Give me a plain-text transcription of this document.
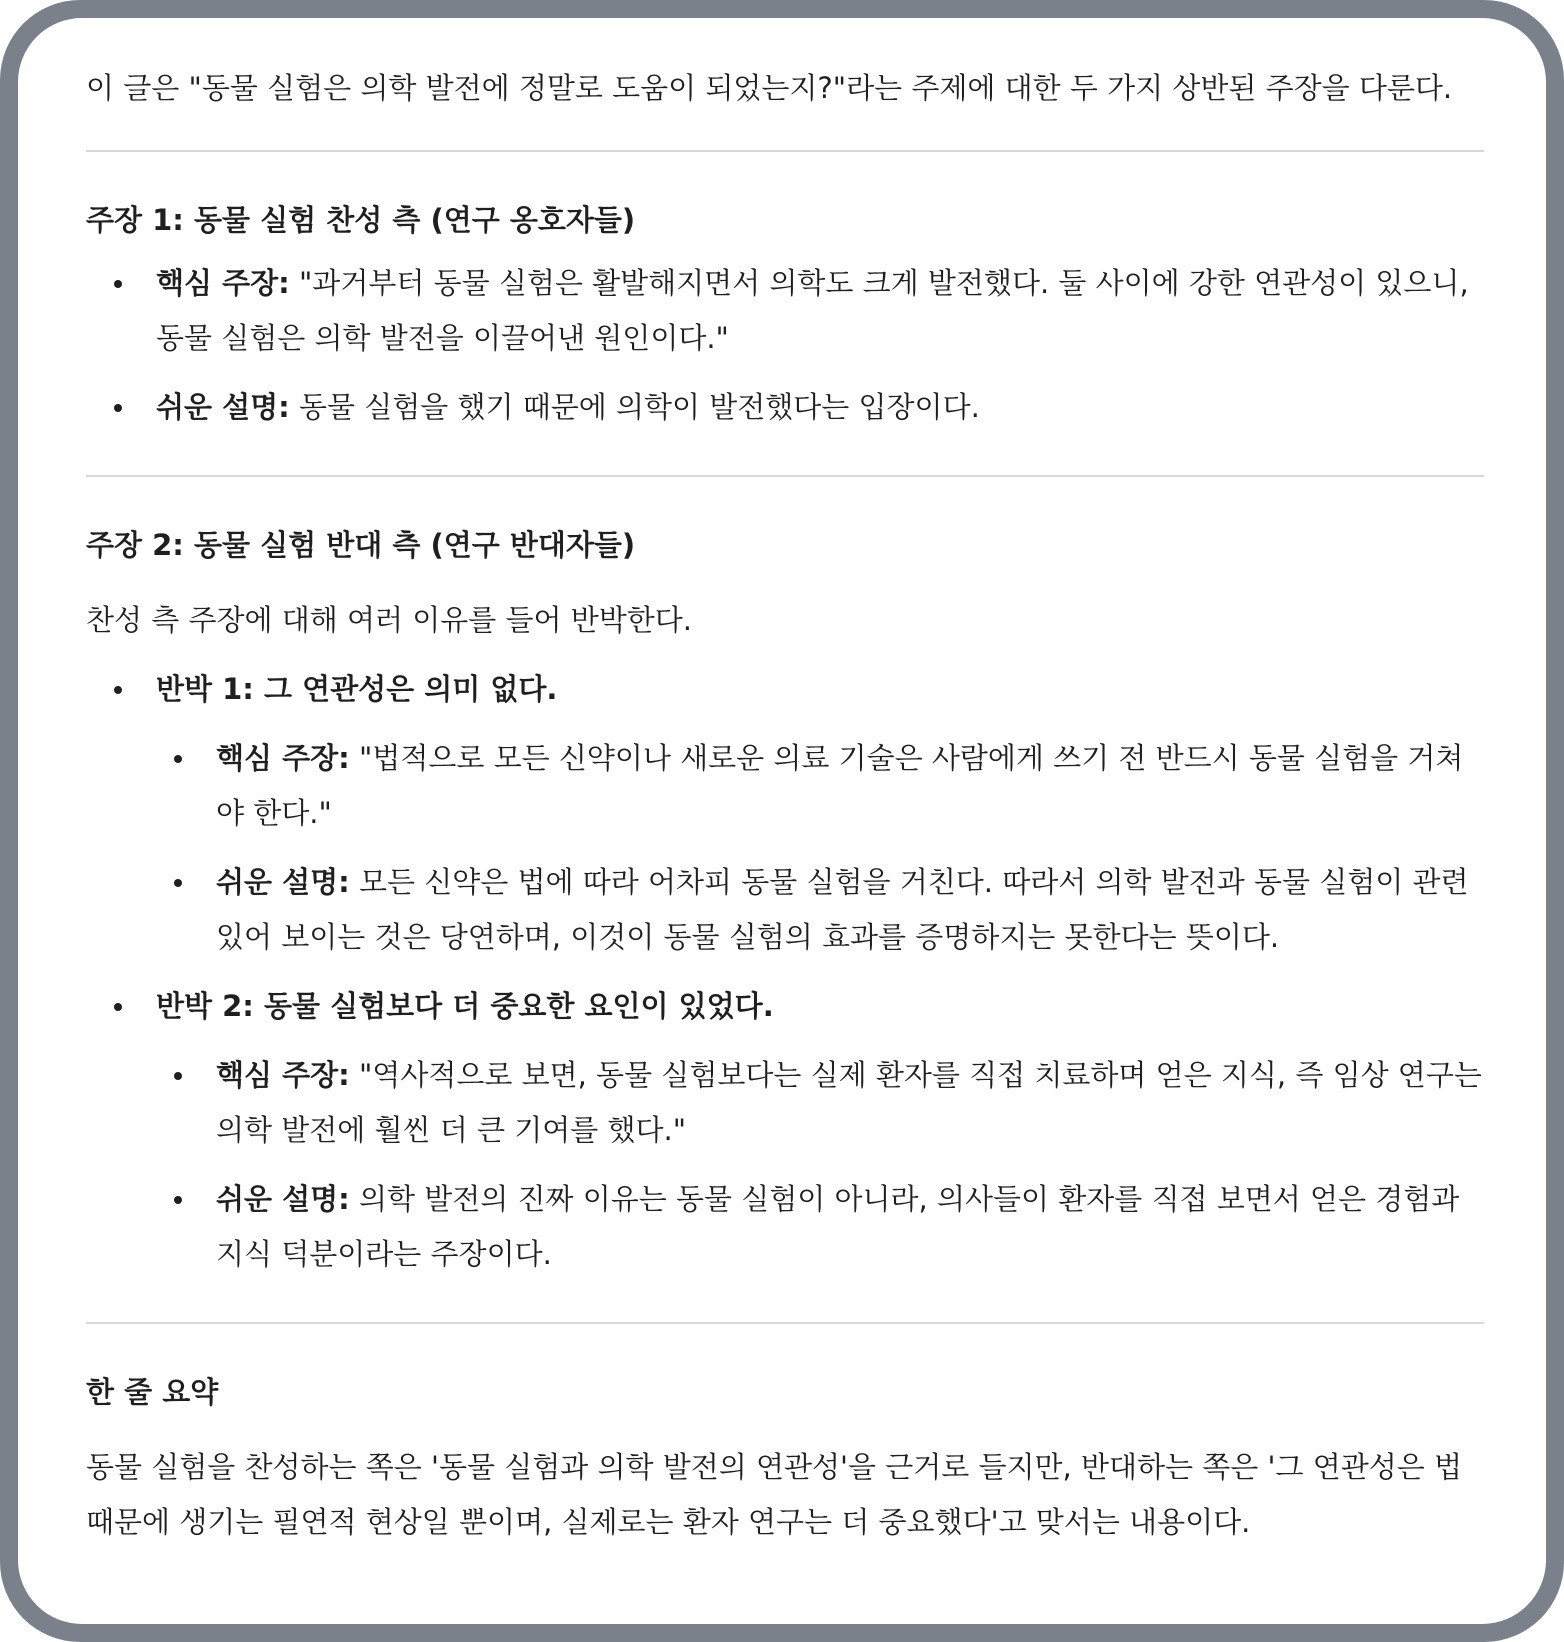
이 글은 "동물 실험은 의학 발전에 정말로 도움이 되었는지?"라는 주제에 대한 두 가지 상반된 주장을 다룬다.

주장 1: 동물 실험 찬성 측 (연구 옹호자들)
핵심 주장: "과거부터 동물 실험은 활발해지면서 의학도 크게 발전했다. 둘 사이에 강한 연관성이 있으니, 동물 실험은 의학 발전을 이끌어낸 원인이다."
쉬운 설명: 동물 실험을 했기 때문에 의학이 발전했다는 입장이다.
주장 2: 동물 실험 반대 측 (연구 반대자들)

찬성 측 주장에 대해 여러 이유를 들어 반박한다.

반박 1: 그 연관성은 의미 없다.
핵심 주장: "법적으로 모든 신약이나 새로운 의료 기술은 사람에게 쓰기 전 반드시 동물 실험을 거쳐야 한다."
쉬운 설명: 모든 신약은 법에 따라 어차피 동물 실험을 거친다. 따라서 의학 발전과 동물 실험이 관련 있어 보이는 것은 당연하며, 이것이 동물 실험의 효과를 증명하지는 못한다는 뜻이다.
반박 2: 동물 실험보다 더 중요한 요인이 있었다.
핵심 주장: "역사적으로 보면, 동물 실험보다는 실제 환자를 직접 치료하며 얻은 지식, 즉 임상 연구는 의학 발전에 훨씬 더 큰 기여를 했다."
쉬운 설명: 의학 발전의 진짜 이유는 동물 실험이 아니라, 의사들이 환자를 직접 보면서 얻은 경험과 지식 덕분이라는 주장이다.
한 줄 요약

동물 실험을 찬성하는 쪽은 '동물 실험과 의학 발전의 연관성'을 근거로 들지만, 반대하는 쪽은 '그 연관성은 법 때문에 생기는 필연적 현상일 뿐이며, 실제로는 환자 연구는 더 중요했다'고 맞서는 내용이다.
